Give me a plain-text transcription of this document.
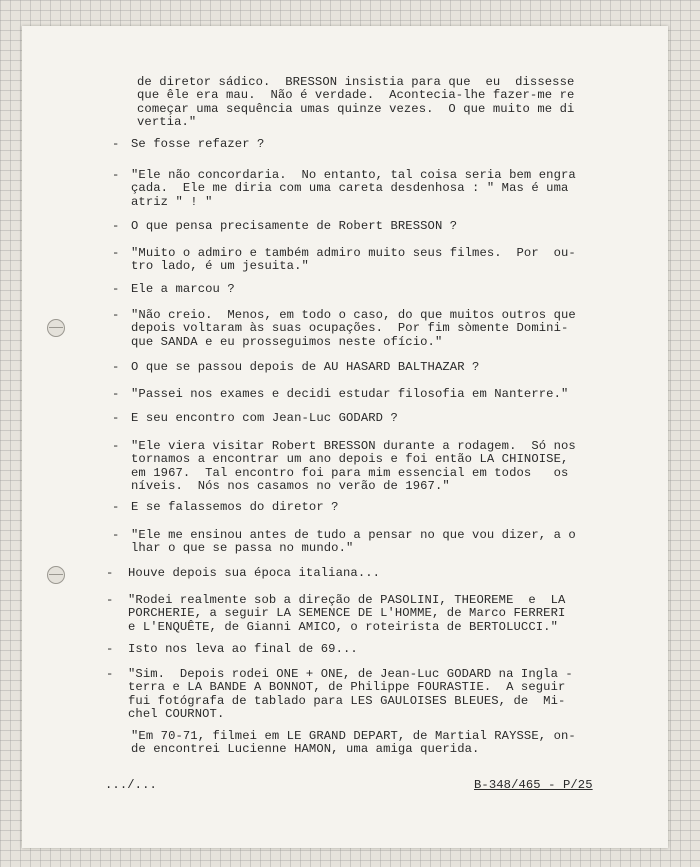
de diretor sádico.  BRESSON insistia para que  eu  dissesse
que êle era mau.  Não é verdade.  Acontecia-lhe fazer-me re
começar uma sequência umas quinze vezes.  O que muito me di
vertia."
- Se fosse refazer ?
- "Ele não concordaria.  No entanto, tal coisa seria bem engra
çada.  Ele me diria com uma careta desdenhosa : " Mas é uma
atriz " ! "
- O que pensa precisamente de Robert BRESSON ?
- "Muito o admiro e também admiro muito seus filmes.  Por  ou-
tro lado, é um jesuita."
- Ele a marcou ?
- "Não creio.  Menos, em todo o caso, do que muitos outros que
depois voltaram às suas ocupações.  Por fim sòmente Domini-
que SANDA e eu prosseguimos neste ofício."
- O que se passou depois de AU HASARD BALTHAZAR ?
- "Passei nos exames e decidi estudar filosofia em Nanterre."
- E seu encontro com Jean-Luc GODARD ?
- "Ele viera visitar Robert BRESSON durante a rodagem.  Só nos
tornamos a encontrar um ano depois e foi então LA CHINOISE,
em 1967.  Tal encontro foi para mim essencial em todos   os
níveis.  Nós nos casamos no verão de 1967."
- E se falassemos do diretor ?
- "Ele me ensinou antes de tudo a pensar no que vou dizer, a o
lhar o que se passa no mundo."
- Houve depois sua época italiana...
- "Rodei realmente sob a direção de PASOLINI, THEOREME  e  LA
PORCHERIE, a seguir LA SEMENCE DE L'HOMME, de Marco FERRERI
e L'ENQUÊTE, de Gianni AMICO, o roteirista de BERTOLUCCI."
- Isto nos leva ao final de 69...
- "Sim.  Depois rodei ONE + ONE, de Jean-Luc GODARD na Ingla -
terra e LA BANDE A BONNOT, de Philippe FOURASTIE.  A seguir
fui fotógrafa de tablado para LES GAULOISES BLEUES, de  Mi-
chel COURNOT.
"Em 70-71, filmei em LE GRAND DEPART, de Martial RAYSSE, on-
de encontrei Lucienne HAMON, uma amiga querida.
.../...	B-348/465 - P/25
